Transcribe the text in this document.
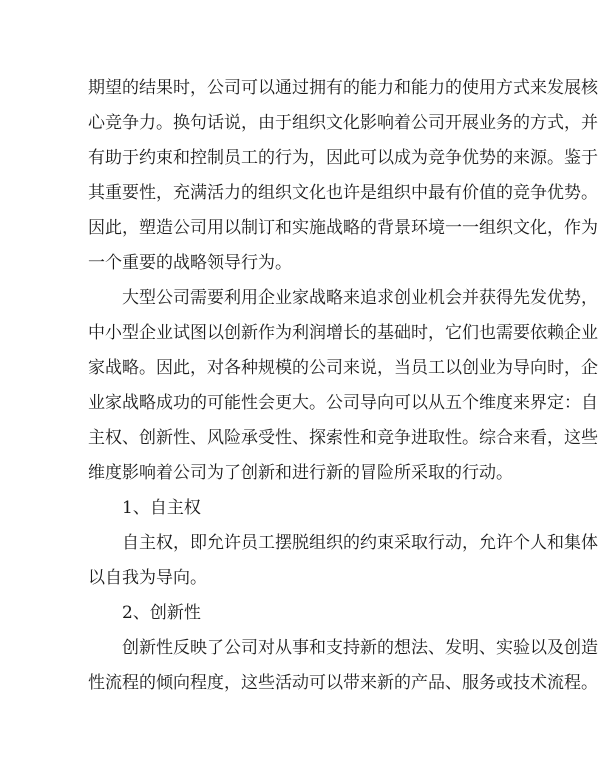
期望的结果时，公司可以通过拥有的能力和能力的使用方式来发展核
心竞争力。换句话说，由于组织文化影响着公司开展业务的方式，并
有助于约束和控制员工的行为，因此可以成为竞争优势的来源。鉴于
其重要性，充满活力的组织文化也许是组织中最有价值的竞争优势。
因此，塑造公司用以制订和实施战略的背景环境一一组织文化，作为
一个重要的战略领导行为。
大型公司需要利用企业家战略来追求创业机会并获得先发优势，
中小型企业试图以创新作为利润增长的基础时，它们也需要依赖企业
家战略。因此，对各种规模的公司来说，当员工以创业为导向时，企
业家战略成功的可能性会更大。公司导向可以从五个维度来界定：自
主权、创新性、风险承受性、探索性和竞争进取性。综合来看，这些
维度影响着公司为了创新和进行新的冒险所采取的行动。
1、自主权
自主权，即允许员工摆脱组织的约束采取行动，允许个人和集体
以自我为导向。
2、创新性
创新性反映了公司对从事和支持新的想法、发明、实验以及创造
性流程的倾向程度，这些活动可以带来新的产品、服务或技术流程。
